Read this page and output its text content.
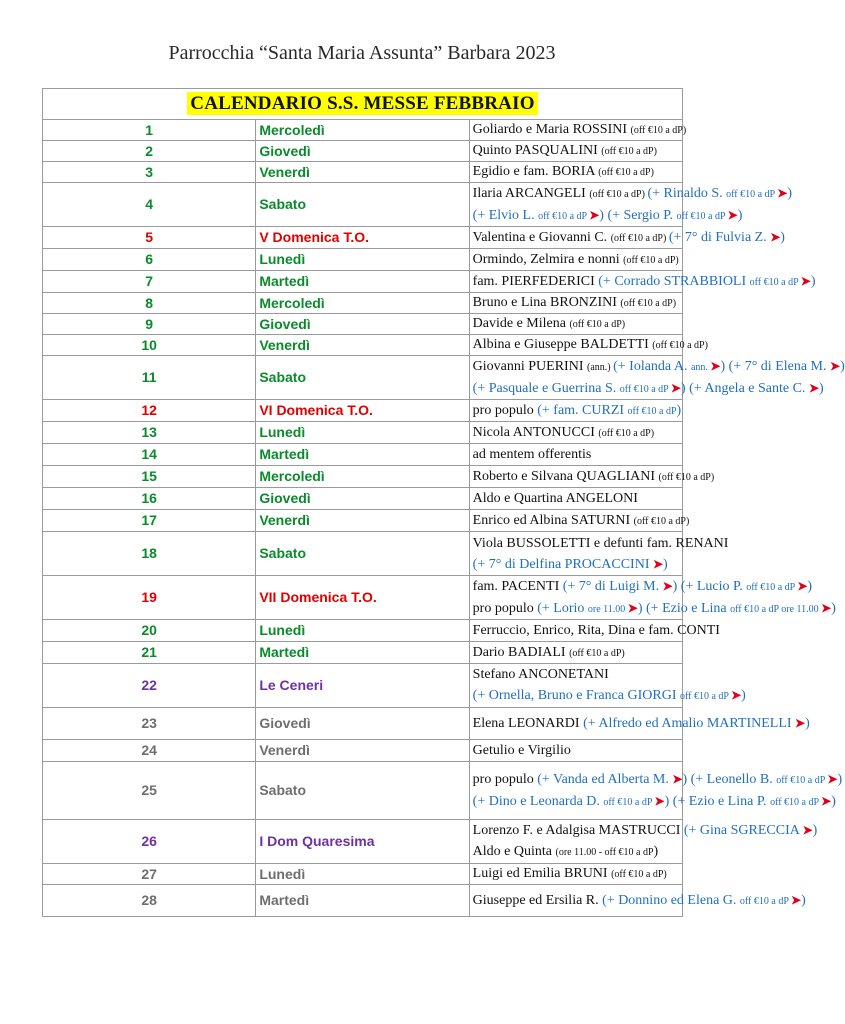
Parrocchia “Santa Maria Assunta” Barbara 2023
CALENDARIO S.S. MESSE FEBBRAIO		
1	Mercoledì	Goliardo e Maria ROSSINI (off €10 a dP)

2	Giovedì	Quinto PASQUALINI (off €10 a dP)

3	Venerdì	Egidio e fam. BORIA (off €10 a dP)

4	Sabato	Ilaria ARCANGELI (off €10 a dP) (+ Rinaldo S. off €10 a dP ➤)
(+ Elvio L. off €10 a dP ➤) (+ Sergio P. off €10 a dP ➤)

5	V Domenica T.O.	Valentina e Giovanni C. (off €10 a dP) (+ 7° di Fulvia Z. ➤)

6	Lunedì	Ormindo, Zelmira e nonni (off €10 a dP)

7	Martedì	fam. PIERFEDERICI (+ Corrado STRABBIOLI off €10 a dP ➤)

8	Mercoledì	Bruno e Lina BRONZINI (off €10 a dP)

9	Giovedì	Davide e Milena (off €10 a dP)

10	Venerdì	Albina e Giuseppe BALDETTI (off €10 a dP)

11	Sabato	Giovanni PUERINI (ann.) (+ Iolanda A. ann. ➤) (+ 7° di Elena M. ➤)
(+ Pasquale e Guerrina S. off €10 a dP ➤) (+ Angela e Sante C. ➤)

12	VI Domenica T.O.	pro populo (+ fam. CURZI off €10 a dP)

13	Lunedì	Nicola ANTONUCCI (off €10 a dP)

14	Martedì	ad mentem offerentis

15	Mercoledì	Roberto e Silvana QUAGLIANI (off €10 a dP)

16	Giovedì	Aldo e Quartina ANGELONI

17	Venerdì	Enrico ed Albina SATURNI (off €10 a dP)

18	Sabato	Viola BUSSOLETTI e defunti fam. RENANI
(+ 7° di Delfina PROCACCINI ➤)

19	VII Domenica T.O.	fam. PACENTI (+ 7° di Luigi M. ➤) (+ Lucio P. off €10 a dP ➤)
pro populo (+ Lorio ore 11.00 ➤) (+ Ezio e Lina off €10 a dP ore 11.00 ➤)

20	Lunedì	Ferruccio, Enrico, Rita, Dina e fam. CONTI

21	Martedì	Dario BADIALI (off €10 a dP)

22	Le Ceneri	Stefano ANCONETANI
(+ Ornella, Bruno e Franca GIORGI off €10 a dP ➤)

23	Giovedì	Elena LEONARDI (+ Alfredo ed Amalio MARTINELLI ➤)

24	Venerdì	Getulio e Virgilio

25	Sabato	pro populo (+ Vanda ed Alberta M. ➤) (+ Leonello B. off €10 a dP ➤)
(+ Dino e Leonarda D. off €10 a dP ➤) (+ Ezio e Lina P. off €10 a dP ➤)

26	I Dom Quaresima	Lorenzo F. e Adalgisa MASTRUCCI (+ Gina SGRECCIA ➤)
Aldo e Quinta (ore 11.00 - off €10 a dP)

27	Lunedì	Luigi ed Emilia BRUNI (off €10 a dP)

28	Martedì	Giuseppe ed Ersilia R. (+ Donnino ed Elena G. off €10 a dP ➤)
